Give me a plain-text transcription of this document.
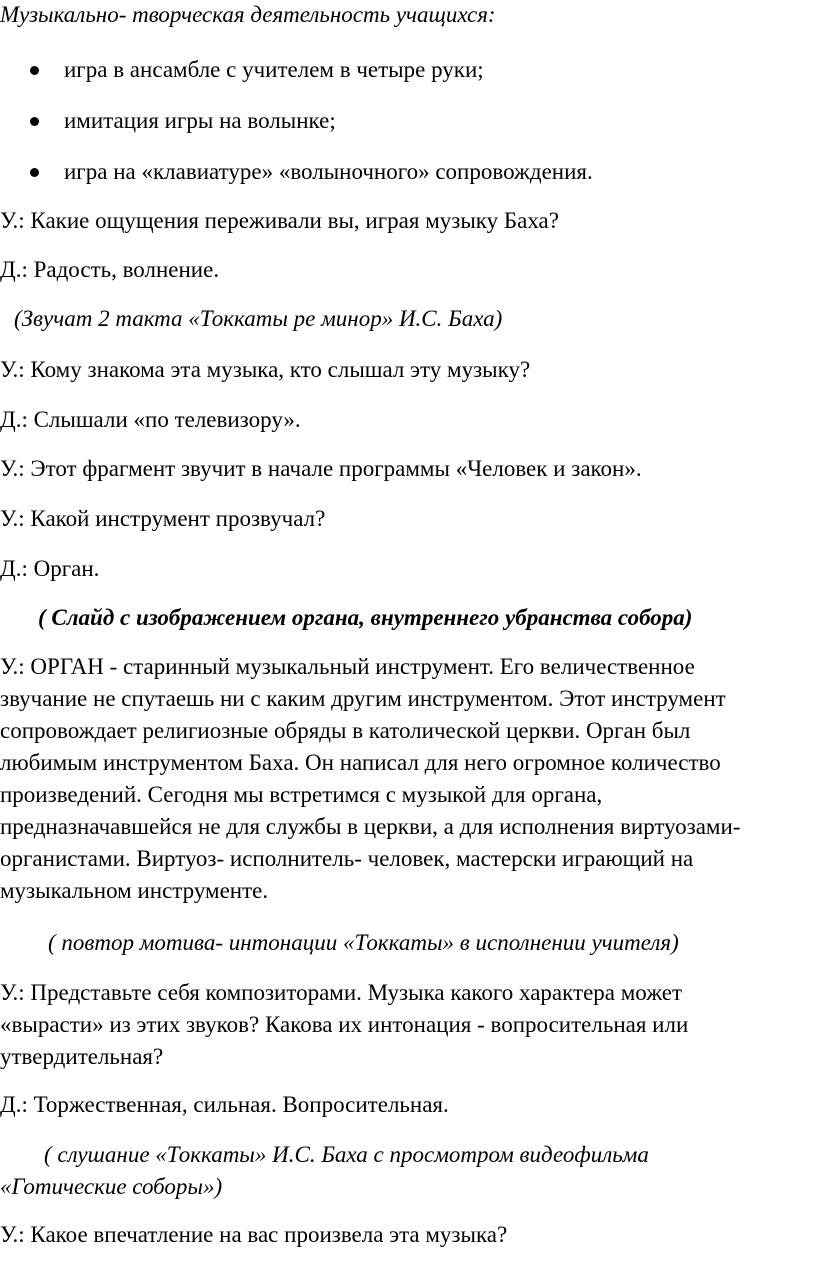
Музыкально- творческая деятельность учащихся:
игра в ансамбле с учителем в четыре руки;
имитация игры на волынке;
игра на «клавиатуре» «волыночного» сопровождения.
У.: Какие ощущения переживали вы, играя музыку Баха?
Д.: Радость, волнение.
(Звучат 2 такта «Токкаты ре минор» И.С. Баха)
У.: Кому знакома эта музыка, кто слышал эту музыку?
Д.: Слышали «по телевизору».
У.: Этот фрагмент звучит в начале программы «Человек и закон».
У.: Какой инструмент прозвучал?
Д.: Орган.
( Слайд с изображением органа, внутреннего убранства собора)
У.: ОРГАН - старинный музыкальный инструмент. Его величественное
звучание не спутаешь ни с каким другим инструментом. Этот инструмент
сопровождает религиозные обряды в католической церкви. Орган был
любимым инструментом Баха. Он написал для него огромное количество
произведений. Сегодня мы встретимся с музыкой для органа,
предназначавшейся не для службы в церкви, а для исполнения виртуозами-
органистами. Виртуоз- исполнитель- человек, мастерски играющий на
музыкальном инструменте.
( повтор мотива- интонации «Токкаты» в исполнении учителя)
У.: Представьте себя композиторами. Музыка какого характера может
«вырасти» из этих звуков? Какова их интонация - вопросительная или
утвердительная?
Д.: Торжественная, сильная. Вопросительная.
( слушание «Токкаты» И.С. Баха с просмотром видеофильма
«Готические соборы»)
У.: Какое впечатление на вас произвела эта музыка?
